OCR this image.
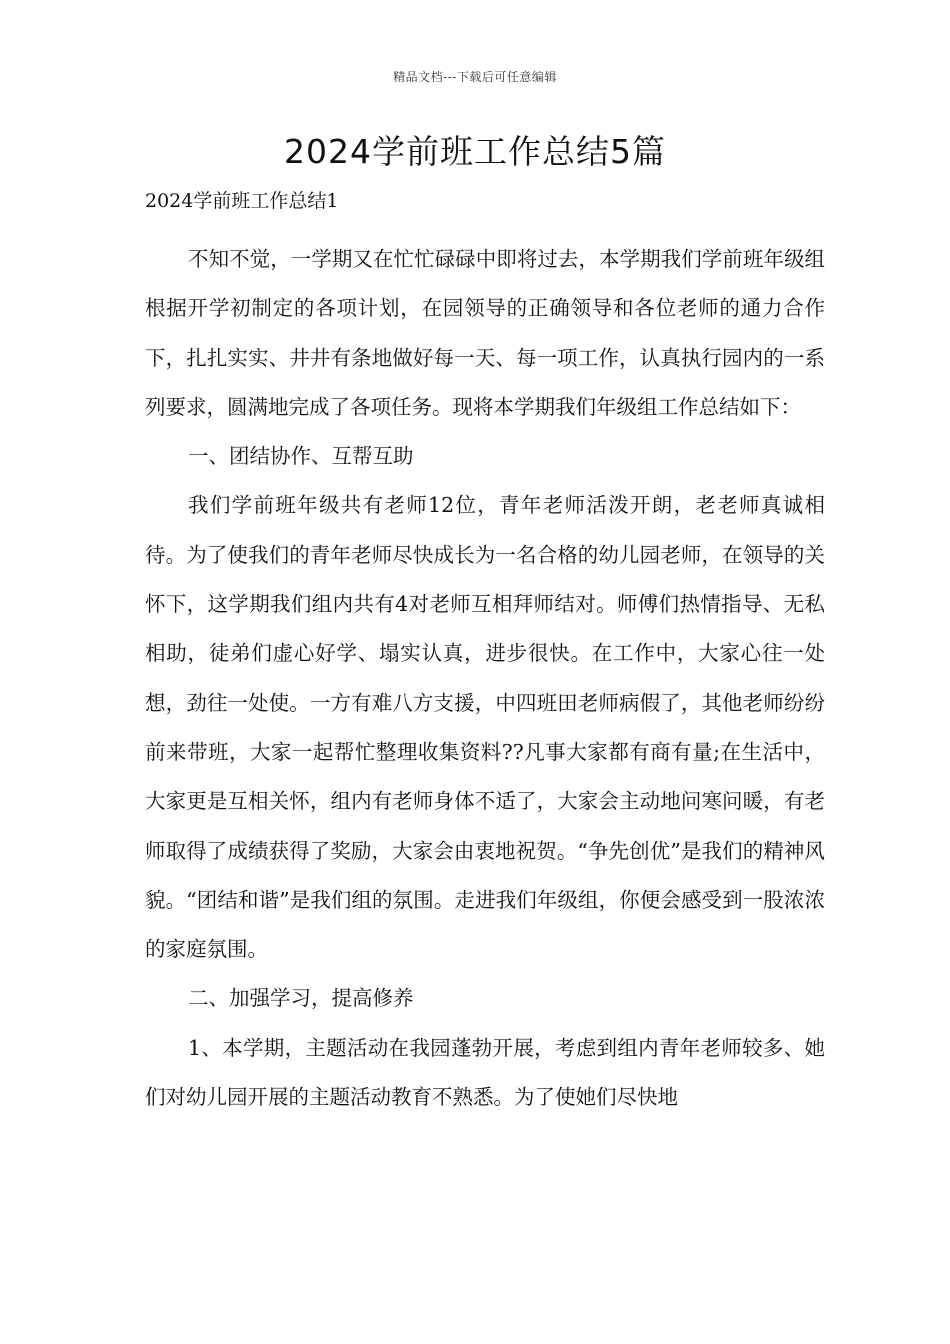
精品文档---下载后可任意编辑
2024学前班工作总结5篇

2024学前班工作总结1

不知不觉，一学期又在忙忙碌碌中即将过去，本学期我们学前班年级组根据开学初制定的各项计划，在园领导的正确领导和各位老师的通力合作下，扎扎实实、井井有条地做好每一天、每一项工作，认真执行园内的一系列要求，圆满地完成了各项任务。现将本学期我们年级组工作总结如下：

一、团结协作、互帮互助

我们学前班年级共有老师12位，青年老师活泼开朗，老老师真诚相待。为了使我们的青年老师尽快成长为一名合格的幼儿园老师，在领导的关怀下，这学期我们组内共有4对老师互相拜师结对。师傅们热情指导、无私相助，徒弟们虚心好学、塌实认真，进步很快。在工作中，大家心往一处想，劲往一处使。一方有难八方支援，中四班田老师病假了，其他老师纷纷前来带班，大家一起帮忙整理收集资料??凡事大家都有商有量;在生活中，大家更是互相关怀，组内有老师身体不适了，大家会主动地问寒问暖，有老师取得了成绩获得了奖励，大家会由衷地祝贺。“争先创优”是我们的精神风貌。“团结和谐”是我们组的氛围。走进我们年级组，你便会感受到一股浓浓的家庭氛围。

二、加强学习，提高修养

1、本学期，主题活动在我园蓬勃开展，考虑到组内青年老师较多、她们对幼儿园开展的主题活动教育不熟悉。为了使她们尽快地
